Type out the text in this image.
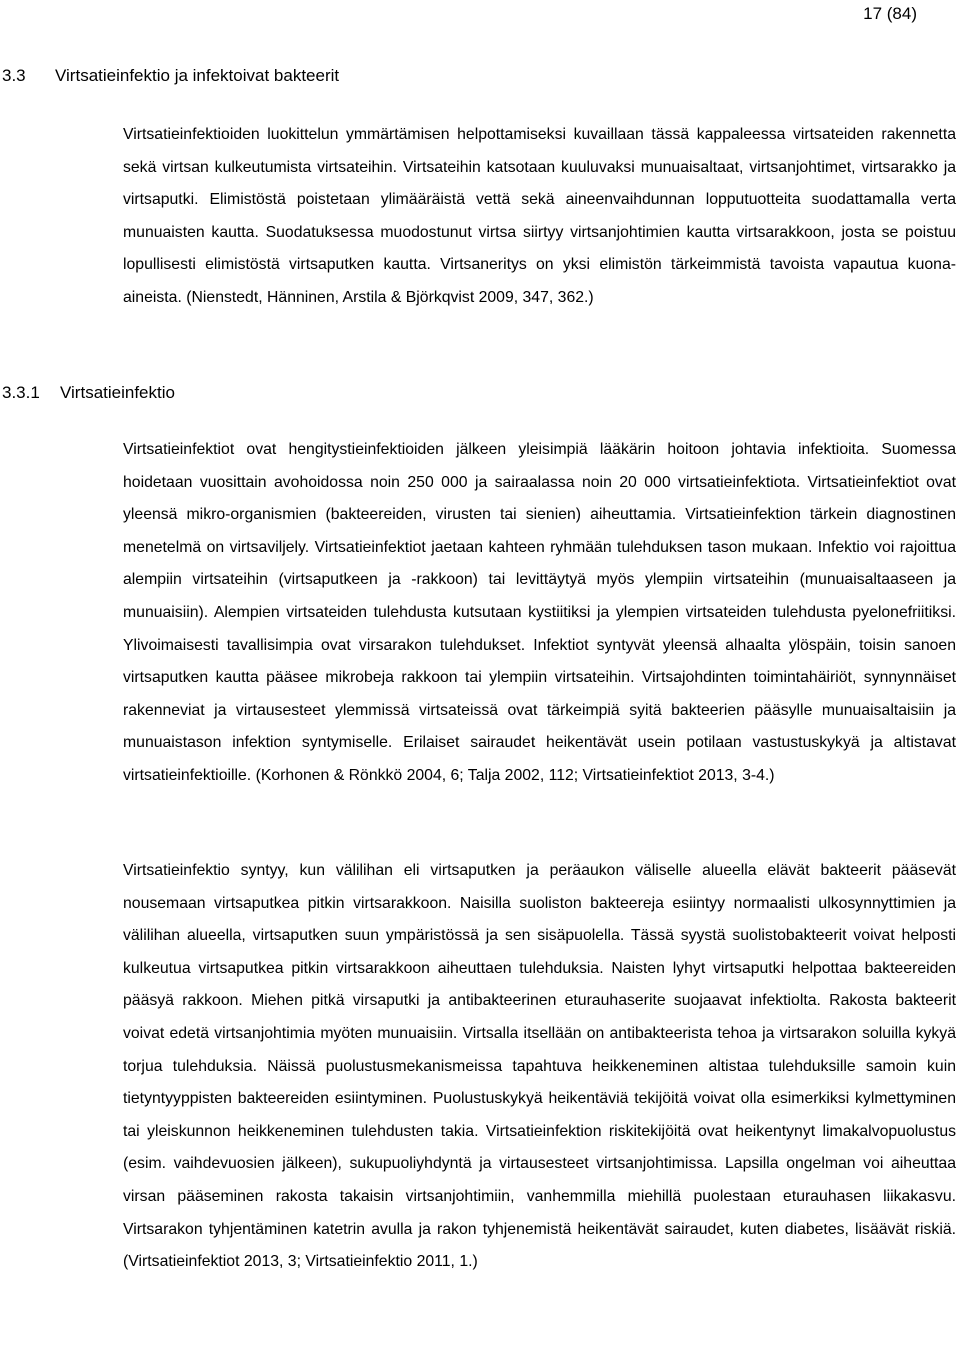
17 (84)
3.3 Virtsatieinfektio ja infektoivat bakteerit

Virtsatieinfektioiden luokittelun ymmärtämisen helpottamiseksi kuvaillaan tässä kappaleessa virtsateiden rakennetta sekä virtsan kulkeutumista virtsateihin. Virtsateihin katsotaan kuuluvaksi munuaisaltaat, virtsanjohtimet, virtsarakko ja virtsaputki. Elimistöstä poistetaan ylimääräistä vettä sekä aineenvaihdunnan lopputuotteita suodattamalla verta munuaisten kautta. Suodatuksessa muodostunut virtsa siirtyy virtsanjohtimien kautta virtsarakkoon, josta se poistuu lopullisesti elimistöstä virtsaputken kautta. Virtsaneritys on yksi elimistön tärkeimmistä tavoista vapautua kuona-aineista. (Nienstedt, Hänninen, Arstila & Björkqvist 2009, 347, 362.)

3.3.1 Virtsatieinfektio

Virtsatieinfektiot ovat hengitystieinfektioiden jälkeen yleisimpiä lääkärin hoitoon johtavia infektioita. Suomessa hoidetaan vuosittain avohoidossa noin 250 000 ja sairaalassa noin 20 000 virtsatieinfektiota. Virtsatieinfektiot ovat yleensä mikro-organismien (bakteereiden, virusten tai sienien) aiheuttamia. Virtsatieinfektion tärkein diagnostinen menetelmä on virtsaviljely. Virtsatieinfektiot jaetaan kahteen ryhmään tulehduksen tason mukaan. Infektio voi rajoittua alempiin virtsateihin (virtsaputkeen ja -rakkoon) tai levittäytyä myös ylempiin virtsateihin (munuaisaltaaseen ja munuaisiin). Alempien virtsateiden tulehdusta kutsutaan kystiitiksi ja ylempien virtsateiden tulehdusta pyelonefriitiksi. Ylivoimaisesti tavallisimpia ovat virsarakon tulehdukset. Infektiot syntyvät yleensä alhaalta ylöspäin, toisin sanoen virtsaputken kautta pääsee mikrobeja rakkoon tai ylempiin virtsateihin. Virtsajohdinten toimintahäiriöt, synnynnäiset rakenneviat ja virtausesteet ylemmissä virtsateissä ovat tärkeimpiä syitä bakteerien pääsylle munuaisaltaisiin ja munuaistason infektion syntymiselle. Erilaiset sairaudet heikentävät usein potilaan vastustuskykyä ja altistavat virtsatieinfektioille. (Korhonen & Rönkkö 2004, 6; Talja 2002, 112; Virtsatieinfektiot 2013, 3-4.)

Virtsatieinfektio syntyy, kun välilihan eli virtsaputken ja peräaukon väliselle alueella elävät bakteerit pääsevät nousemaan virtsaputkea pitkin virtsarakkoon. Naisilla suoliston bakteereja esiintyy normaalisti ulkosynnyttimien ja välilihan alueella, virtsaputken suun ympäristössä ja sen sisäpuolella. Tässä syystä suolistobakteerit voivat helposti kulkeutua virtsaputkea pitkin virtsarakkoon aiheuttaen tulehduksia. Naisten lyhyt virtsaputki helpottaa bakteereiden pääsyä rakkoon. Miehen pitkä virsaputki ja antibakteerinen eturauhaserite suojaavat infektiolta. Rakosta bakteerit voivat edetä virtsanjohtimia myöten munuaisiin. Virtsalla itsellään on antibakteerista tehoa ja virtsarakon soluilla kykyä torjua tulehduksia. Näissä puolustusmekanismeissa tapahtuva heikkeneminen altistaa tulehduksille samoin kuin tietyntyyppisten bakteereiden esiintyminen. Puolustuskykyä heikentäviä tekijöitä voivat olla esimerkiksi kylmettyminen tai yleiskunnon heikkeneminen tulehdusten takia. Virtsatieinfektion riskitekijöitä ovat heikentynyt limakalvopuolustus (esim. vaihdevuosien jälkeen), sukupuoliyhdyntä ja virtausesteet virtsanjohtimissa. Lapsilla ongelman voi aiheuttaa virsan pääseminen rakosta takaisin virtsanjohtimiin, vanhemmilla miehillä puolestaan eturauhasen liikakasvu. Virtsarakon tyhjentäminen katetrin avulla ja rakon tyhjenemistä heikentävät sairaudet, kuten diabetes, lisäävät riskiä. (Virtsatieinfektiot 2013, 3; Virtsatieinfektio 2011, 1.)
